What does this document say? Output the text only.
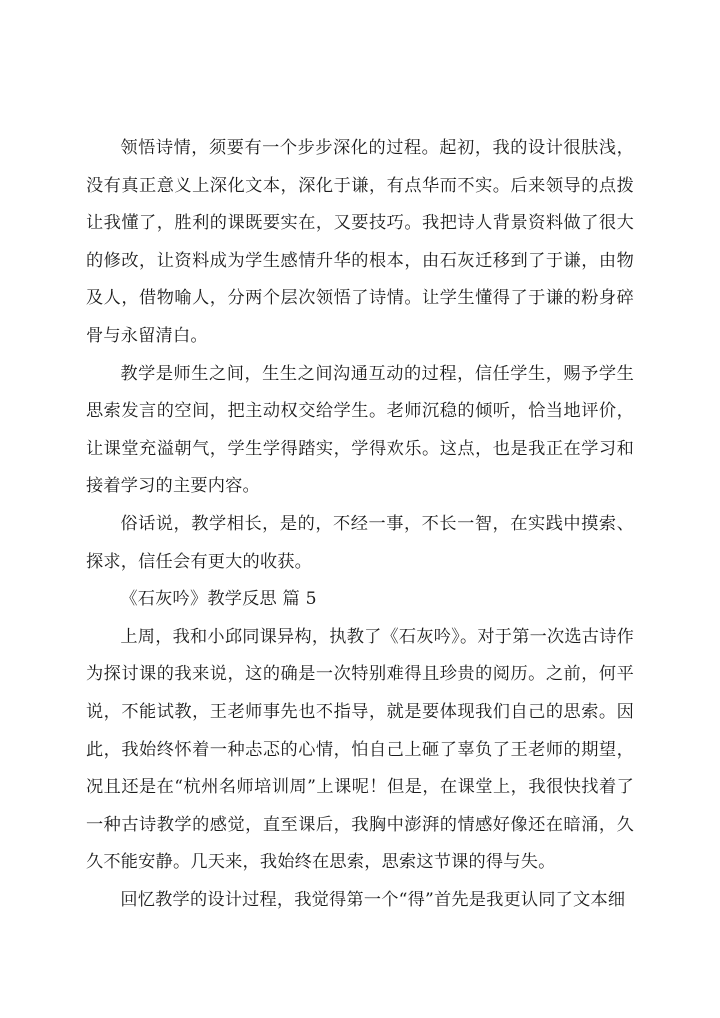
领悟诗情，须要有一个步步深化的过程。起初，我的设计很肤浅，没有真正意义上深化文本，深化于谦，有点华而不实。后来领导的点拨让我懂了，胜利的课既要实在，又要技巧。我把诗人背景资料做了很大的修改，让资料成为学生感情升华的根本，由石灰迁移到了于谦，由物及人，借物喻人，分两个层次领悟了诗情。让学生懂得了于谦的粉身碎骨与永留清白。

教学是师生之间，生生之间沟通互动的过程，信任学生，赐予学生思索发言的空间，把主动权交给学生。老师沉稳的倾听，恰当地评价，让课堂充溢朝气，学生学得踏实，学得欢乐。这点，也是我正在学习和接着学习的主要内容。

俗话说，教学相长，是的，不经一事，不长一智，在实践中摸索、探求，信任会有更大的收获。

《石灰吟》教学反思 篇 5

上周，我和小邱同课异构，执教了《石灰吟》。对于第一次选古诗作为探讨课的我来说，这的确是一次特别难得且珍贵的阅历。之前，何平说，不能试教，王老师事先也不指导，就是要体现我们自己的思索。因此，我始终怀着一种忐忑的心情，怕自己上砸了辜负了王老师的期望，况且还是在“杭州名师培训周”上课呢！但是，在课堂上，我很快找着了一种古诗教学的感觉，直至课后，我胸中澎湃的情感好像还在暗涌，久久不能安静。几天来，我始终在思索，思索这节课的得与失。

回忆教学的设计过程，我觉得第一个“得”首先是我更认同了文本细
